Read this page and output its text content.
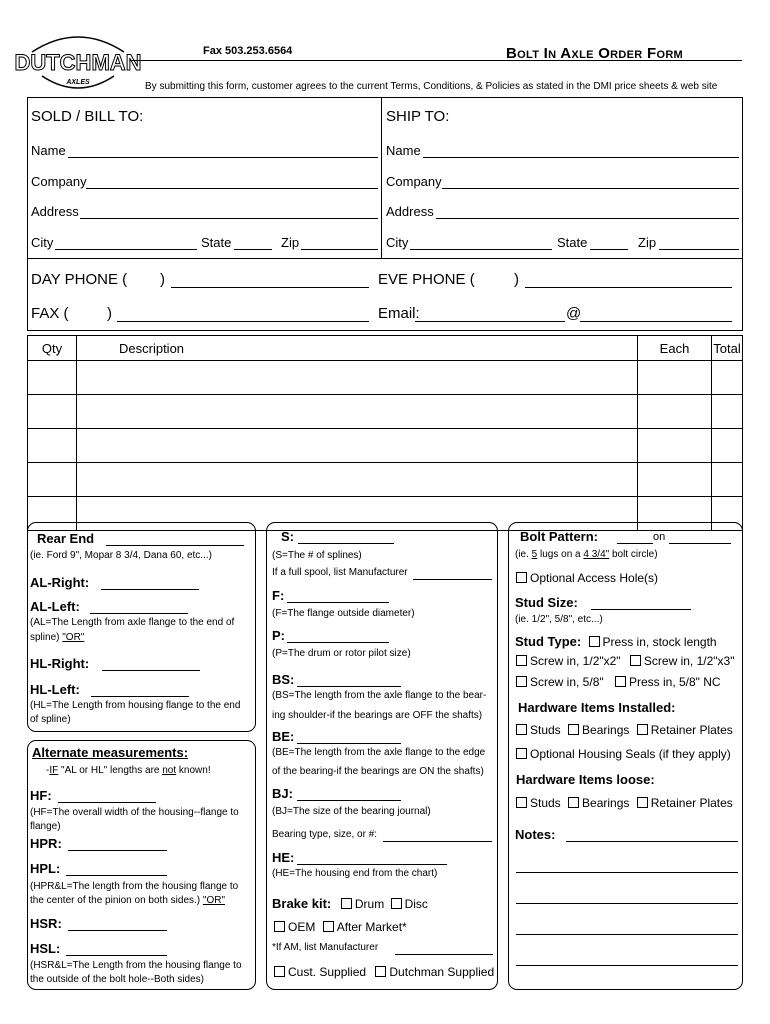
DUTCHMAN
AXLES
Fax 503.253.6564	Bolt In Axle Order Form
By submitting this form, customer agrees to the current Terms, Conditions, & Policies as stated in the DMI price sheets & web site
SOLD / BILL TO:
Name
Company
Address
City	State	Zip
SHIP TO:
Name
Company
Address
City	State	Zip
DAY PHONE ( )	EVE PHONE (	)
FAX (	)	Email:	@
Qty	Description	Each	Total

Rear End
(ie. Ford 9", Mopar 8 3/4, Dana 60, etc...)
AL-Right:
AL-Left:
(AL=The Length from axle flange to the end of
spline) "OR"
HL-Right:
HL-Left:
(HL=The Length from housing flange to the end
of spline)
Alternate measurements:
-IF "AL or HL" lengths are not known!
HF:
(HF=The overall width of the housing--flange to
flange)
HPR:
HPL:
(HPR&L=The length from the housing flange to
the center of the pinion on both sides.) "OR"
HSR:
HSL:
(HSR&L=The Length from the housing flange to
the outside of the bolt hole--Both sides)
S:
(S=The # of splines)
If a full spool, list Manufacturer
F:
(F=The flange outside diameter)
P:
(P=The drum or rotor pilot size)
BS:
(BS=The length from the axle flange to the bear-
ing shoulder-if the bearings are OFF the shafts)
BE:
(BE=The length from the axle flange to the edge
of the bearing-if the bearings are ON the shafts)
BJ:
(BJ=The size of the bearing journal)
Bearing type, size, or #:
HE:
(HE=The housing end from the chart)
Brake kit: Drum Disc
OEM After Market*
*If AM, list Manufacturer
Cust. Supplied Dutchman Supplied
Bolt Pattern:	on
(ie. 5 lugs on a 4 3/4" bolt circle)
Optional Access Hole(s)
Stud Size:
(ie. 1/2", 5/8", etc...)
Stud Type: Press in, stock length
Screw in, 1/2"x2" Screw in, 1/2"x3"
Screw in, 5/8" Press in, 5/8" NC
Hardware Items Installed:
Studs Bearings Retainer Plates
Optional Housing Seals (if they apply)
Hardware Items loose:
Studs Bearings Retainer Plates
Notes:
